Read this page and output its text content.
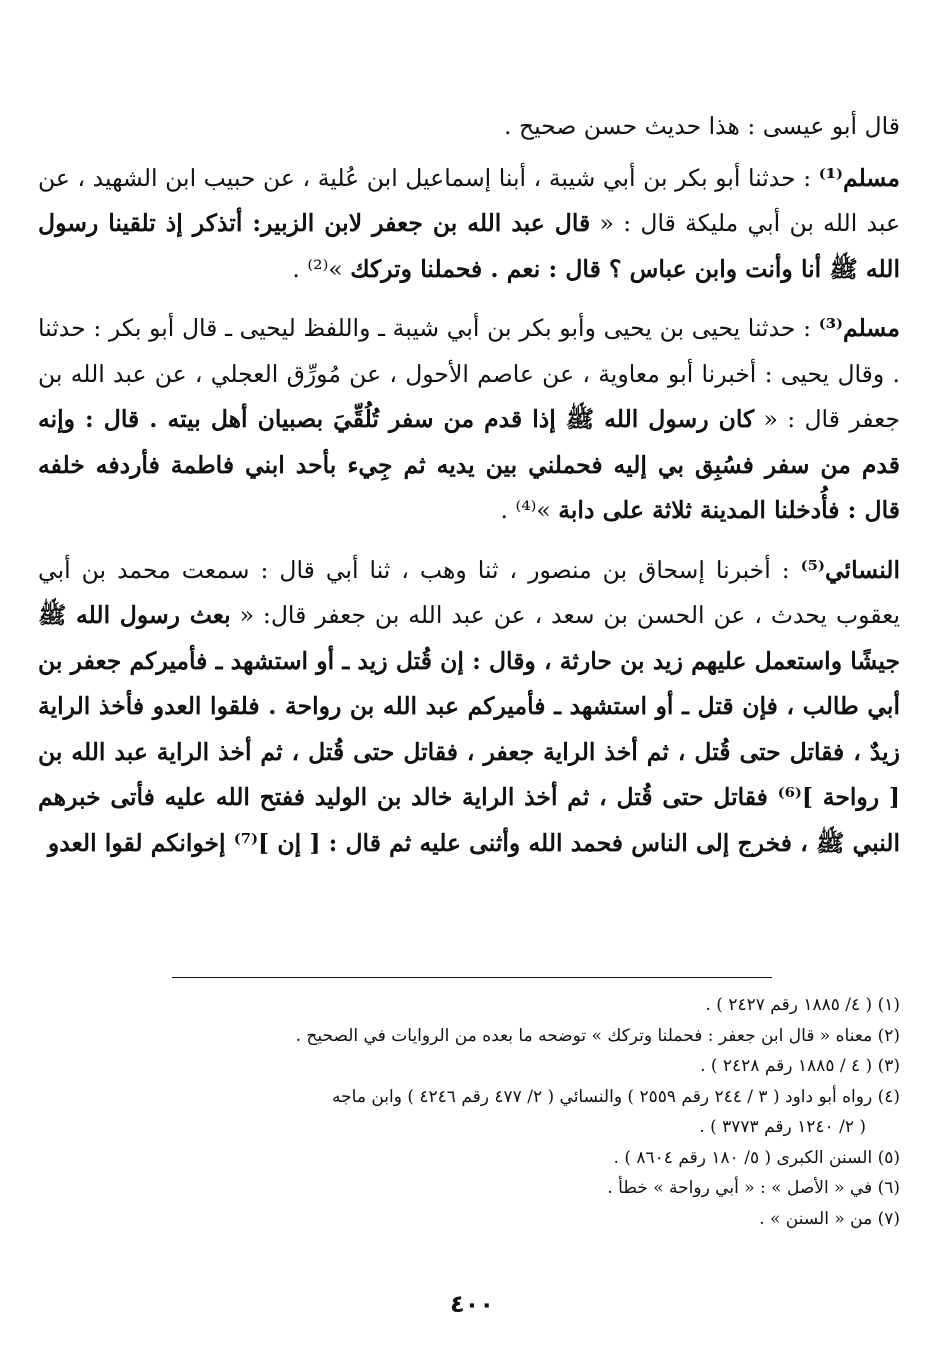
قال أبو عيسى : هذا حديث حسن صحيح .

مسلم⁽¹⁾ : حدثنا أبو بكر بن أبي شيبة ، أبنا إسماعيل ابن عُلية ، عن حبيب ابن الشهيد ، عن عبد الله بن أبي مليكة قال : « قال عبد الله بن جعفر لابن الزبير: أتذكر إذ تلقينا رسول الله ﷺ أنا وأنت وابن عباس ؟ قال : نعم . فحملنا وتركك »⁽²⁾ .

مسلم⁽³⁾ : حدثنا يحيى بن يحيى وأبو بكر بن أبي شيبة ـ واللفظ ليحيى ـ قال أبو بكر : حدثنا . وقال يحيى : أخبرنا أبو معاوية ، عن عاصم الأحول ، عن مُورِّق العجلي ، عن عبد الله بن جعفر قال : « كان رسول الله ﷺ إذا قدم من سفر تُلُقِّيَ بصبيان أهل بيته . قال : وإنه قدم من سفر فسُبِق بي إليه فحملني بين يديه ثم جِيء بأحد ابني فاطمة فأردفه خلفه قال : فأُدخلنا المدينة ثلاثة على دابة »⁽⁴⁾ .

النسائي⁽⁵⁾ : أخبرنا إسحاق بن منصور ، ثنا وهب ، ثنا أبي قال : سمعت محمد بن أبي يعقوب يحدث ، عن الحسن بن سعد ، عن عبد الله بن جعفر قال: « بعث رسول الله ﷺ جيشًا واستعمل عليهم زيد بن حارثة ، وقال : إن قُتل زيد ـ أو استشهد ـ فأميركم جعفر بن أبي طالب ، فإن قتل ـ أو استشهد ـ فأميركم عبد الله بن رواحة . فلقوا العدو فأخذ الراية زيدٌ ، فقاتل حتى قُتل ، ثم أخذ الراية جعفر ، فقاتل حتى قُتل ، ثم أخذ الراية عبد الله بن [ رواحة ]⁽⁶⁾ فقاتل حتى قُتل ، ثم أخذ الراية خالد بن الوليد ففتح الله عليه فأتى خبرهم النبي ﷺ ، فخرج إلى الناس فحمد الله وأثنى عليه ثم قال : [ إن ]⁽⁷⁾ إخوانكم لقوا العدو

(١) ( ٤/ ١٨٨٥ رقم ٢٤٢٧ ) .

(٢) معناه « قال ابن جعفر : فحملنا وتركك » توضحه ما بعده من الروايات في الصحيح .

(٣) ( ٤ / ١٨٨٥ رقم ٢٤٢٨ ) .

(٤) رواه أبو داود ( ٣ / ٢٤٤ رقم ٢٥٥٩ ) والنسائي ( ٢/ ٤٧٧ رقم ٤٢٤٦ ) وابن ماجه

( ٢/ ١٢٤٠ رقم ٣٧٧٣ ) .

(٥) السنن الكبرى ( ٥/ ١٨٠ رقم ٨٦٠٤ ) .

(٦) في « الأصل » : « أبي رواحة » خطأ .

(٧) من « السنن » .

٤٠٠
